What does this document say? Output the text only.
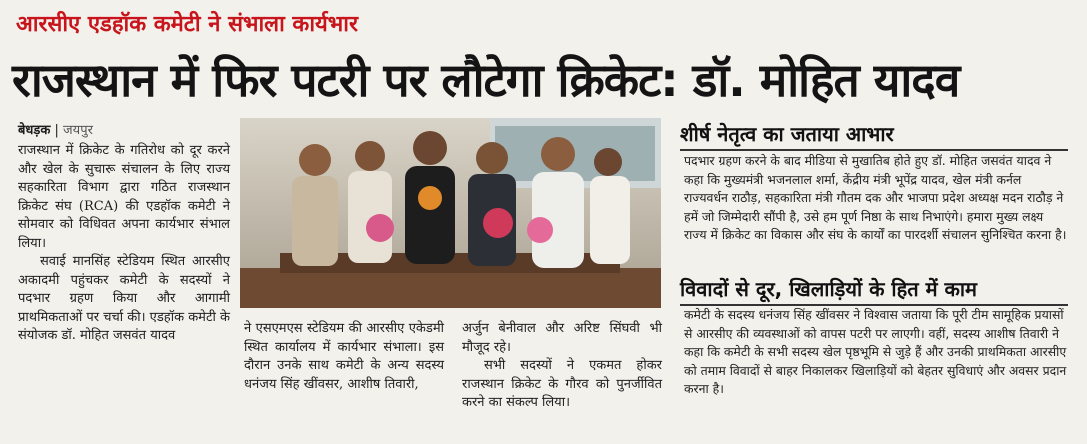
आरसीए एडहॉक कमेटी ने संभाला कार्यभार
राजस्थान में फिर पटरी पर लौटेगा क्रिकेट: डॉ. मोहित यादव
बेधड़क | जयपुर

राजस्थान में क्रिकेट के गतिरोध को दूर करने और खेल के सुचारू संचालन के लिए राज्य सहकारिता विभाग द्वारा गठित राजस्थान क्रिकेट संघ (RCA) की एडहॉक कमेटी ने सोमवार को विधिवत अपना कार्यभार संभाल लिया।

सवाई मानसिंह स्टेडियम स्थित आरसीए अकादमी पहुंचकर कमेटी के सदस्यों ने पदभार ग्रहण किया और आगामी प्राथमिकताओं पर चर्चा की। एडहॉक कमेटी के संयोजक डॉ. मोहित जसवंत यादव	ने एसएमएस स्टेडियम की आरसीए एकेडमी स्थित कार्यालय में कार्यभार संभाला। इस दौरान उनके साथ कमेटी के अन्य सदस्य धनंजय सिंह खींवसर, आशीष तिवारी,

अर्जुन बेनीवाल और अरिष्ट सिंघवी भी मौजूद रहे।

सभी सदस्यों ने एकमत होकर राजस्थान क्रिकेट के गौरव को पुनर्जीवित करने का संकल्प लिया।

शीर्ष नेतृत्व का जताया आभार
पदभार ग्रहण करने के बाद मीडिया से मुखातिब होते हुए डॉ. मोहित जसवंत यादव ने कहा कि मुख्यमंत्री भजनलाल शर्मा, केंद्रीय मंत्री भूपेंद्र यादव, खेल मंत्री कर्नल राज्यवर्धन राठौड़, सहकारिता मंत्री गौतम दक और भाजपा प्रदेश अध्यक्ष मदन राठौड़ ने हमें जो जिम्मेदारी सौंपी है, उसे हम पूर्ण निष्ठा के साथ निभाएंगे। हमारा मुख्य लक्ष्य राज्य में क्रिकेट का विकास और संघ के कार्यों का पारदर्शी संचालन सुनिश्चित करना है।
विवादों से दूर, खिलाड़ियों के हित में काम
कमेटी के सदस्य धनंजय सिंह खींवसर ने विश्वास जताया कि पूरी टीम सामूहिक प्रयासों से आरसीए की व्यवस्थाओं को वापस पटरी पर लाएगी। वहीं, सदस्य आशीष तिवारी ने कहा कि कमेटी के सभी सदस्य खेल पृष्ठभूमि से जुड़े हैं और उनकी प्राथमिकता आरसीए को तमाम विवादों से बाहर निकालकर खिलाड़ियों को बेहतर सुविधाएं और अवसर प्रदान करना है।
